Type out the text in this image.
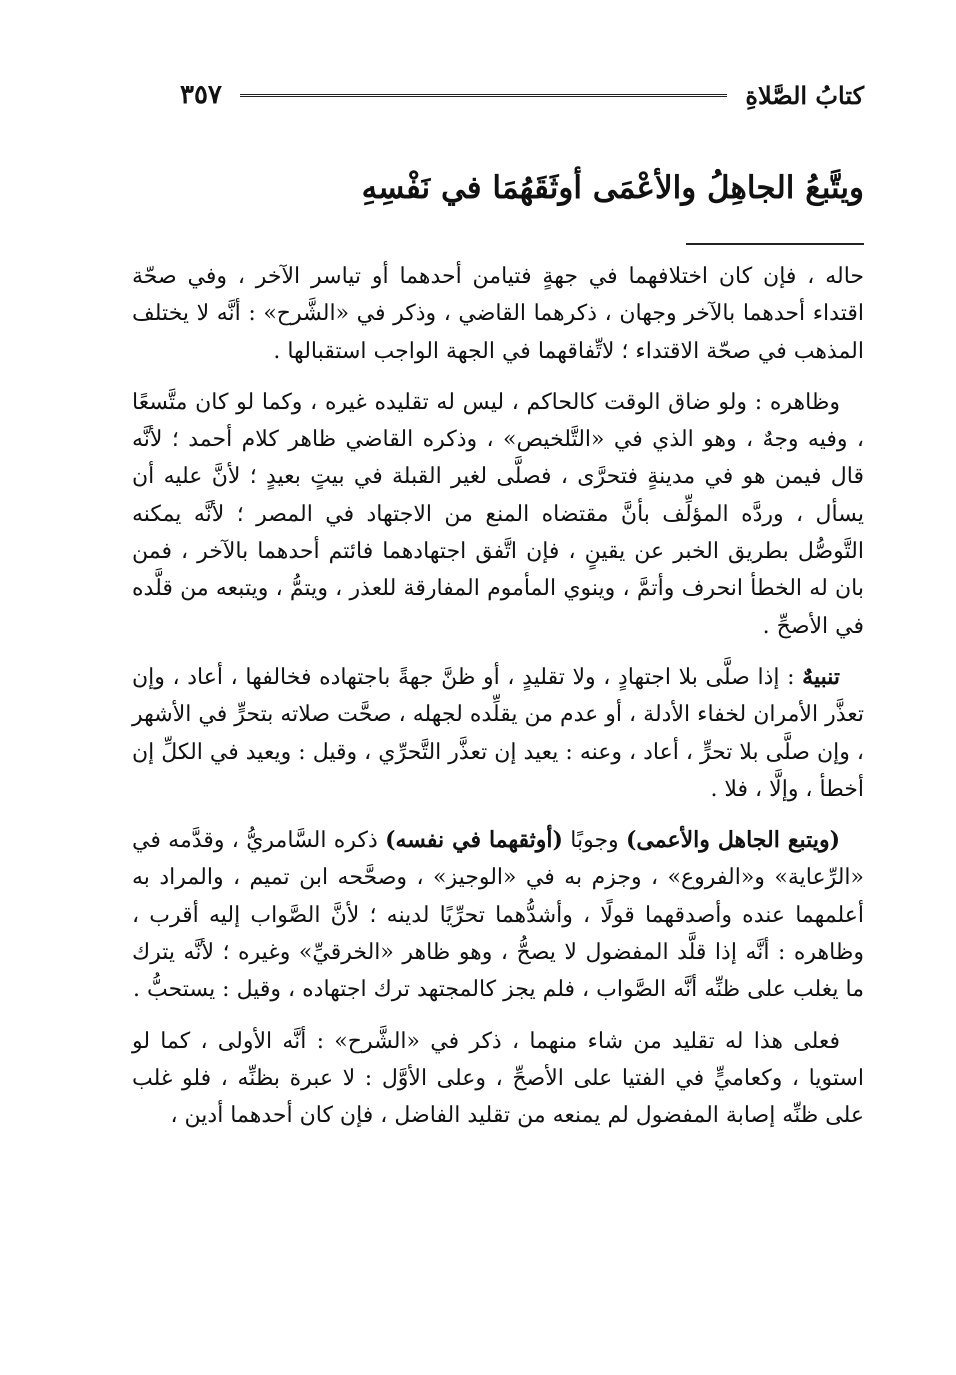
كتابُ الصَّلاةِ
٣٥٧
ويتَّبعُ الجاهِلُ والأعْمَى أوثَقَهُمَا في نَفْسِهِ

حاله ، فإن كان اختلافهما في جهةٍ فتيامن أحدهما أو تياسر الآخر ، وفي صحّة اقتداء أحدهما بالآخر وجهان ، ذكرهما القاضي ، وذكر في «الشَّرح» : أنَّه لا يختلف المذهب في صحّة الاقتداء ؛ لاتِّفاقهما في الجهة الواجب استقبالها .

وظاهره : ولو ضاق الوقت كالحاكم ، ليس له تقليده غيره ، وكما لو كان متَّسعًا ، وفيه وجهٌ ، وهو الذي في «التَّلخيص» ، وذكره القاضي ظاهر كلام أحمد ؛ لأنَّه قال فيمن هو في مدينةٍ فتحرَّى ، فصلَّى لغير القبلة في بيتٍ بعيدٍ ؛ لأنَّ عليه أن يسأل ، وردَّه المؤلِّف بأنَّ مقتضاه المنع من الاجتهاد في المصر ؛ لأنَّه يمكنه التَّوصُّل بطريق الخبر عن يقينٍ ، فإن اتَّفق اجتهادهما فائتم أحدهما بالآخر ، فمن بان له الخطأ انحرف وأتمَّ ، وينوي المأموم المفارقة للعذر ، ويتمُّ ، ويتبعه من قلَّده في الأصحِّ .

تنبيهٌ : إذا صلَّى بلا اجتهادٍ ، ولا تقليدٍ ، أو ظنَّ جهةً باجتهاده فخالفها ، أعاد ، وإن تعذَّر الأمران لخفاء الأدلة ، أو عدم من يقلِّده لجهله ، صحَّت صلاته بتحرٍّ في الأشهر ، وإن صلَّى بلا تحرٍّ ، أعاد ، وعنه : يعيد إن تعذَّر التَّحرِّي ، وقيل : ويعيد في الكلِّ إن أخطأ ، وإلَّا ، فلا .

(ويتبع الجاهل والأعمى) وجوبًا (أوثقهما في نفسه) ذكره السَّامريُّ ، وقدَّمه في «الرِّعاية» و«الفروع» ، وجزم به في «الوجيز» ، وصحَّحه ابن تميم ، والمراد به أعلمهما عنده وأصدقهما قولًا ، وأشدُّهما تحرِّيًا لدينه ؛ لأنَّ الصَّواب إليه أقرب ، وظاهره : أنَّه إذا قلَّد المفضول لا يصحُّ ، وهو ظاهر «الخرقيِّ» وغيره ؛ لأنَّه يترك ما يغلب على ظنِّه أنَّه الصَّواب ، فلم يجز كالمجتهد ترك اجتهاده ، وقيل : يستحبُّ .

فعلى هذا له تقليد من شاء منهما ، ذكر في «الشَّرح» : أنَّه الأولى ، كما لو استويا ، وكعاميٍّ في الفتيا على الأصحِّ ، وعلى الأوَّل : لا عبرة بظنِّه ، فلو غلب على ظنِّه إصابة المفضول لم يمنعه من تقليد الفاضل ، فإن كان أحدهما أدين ،
